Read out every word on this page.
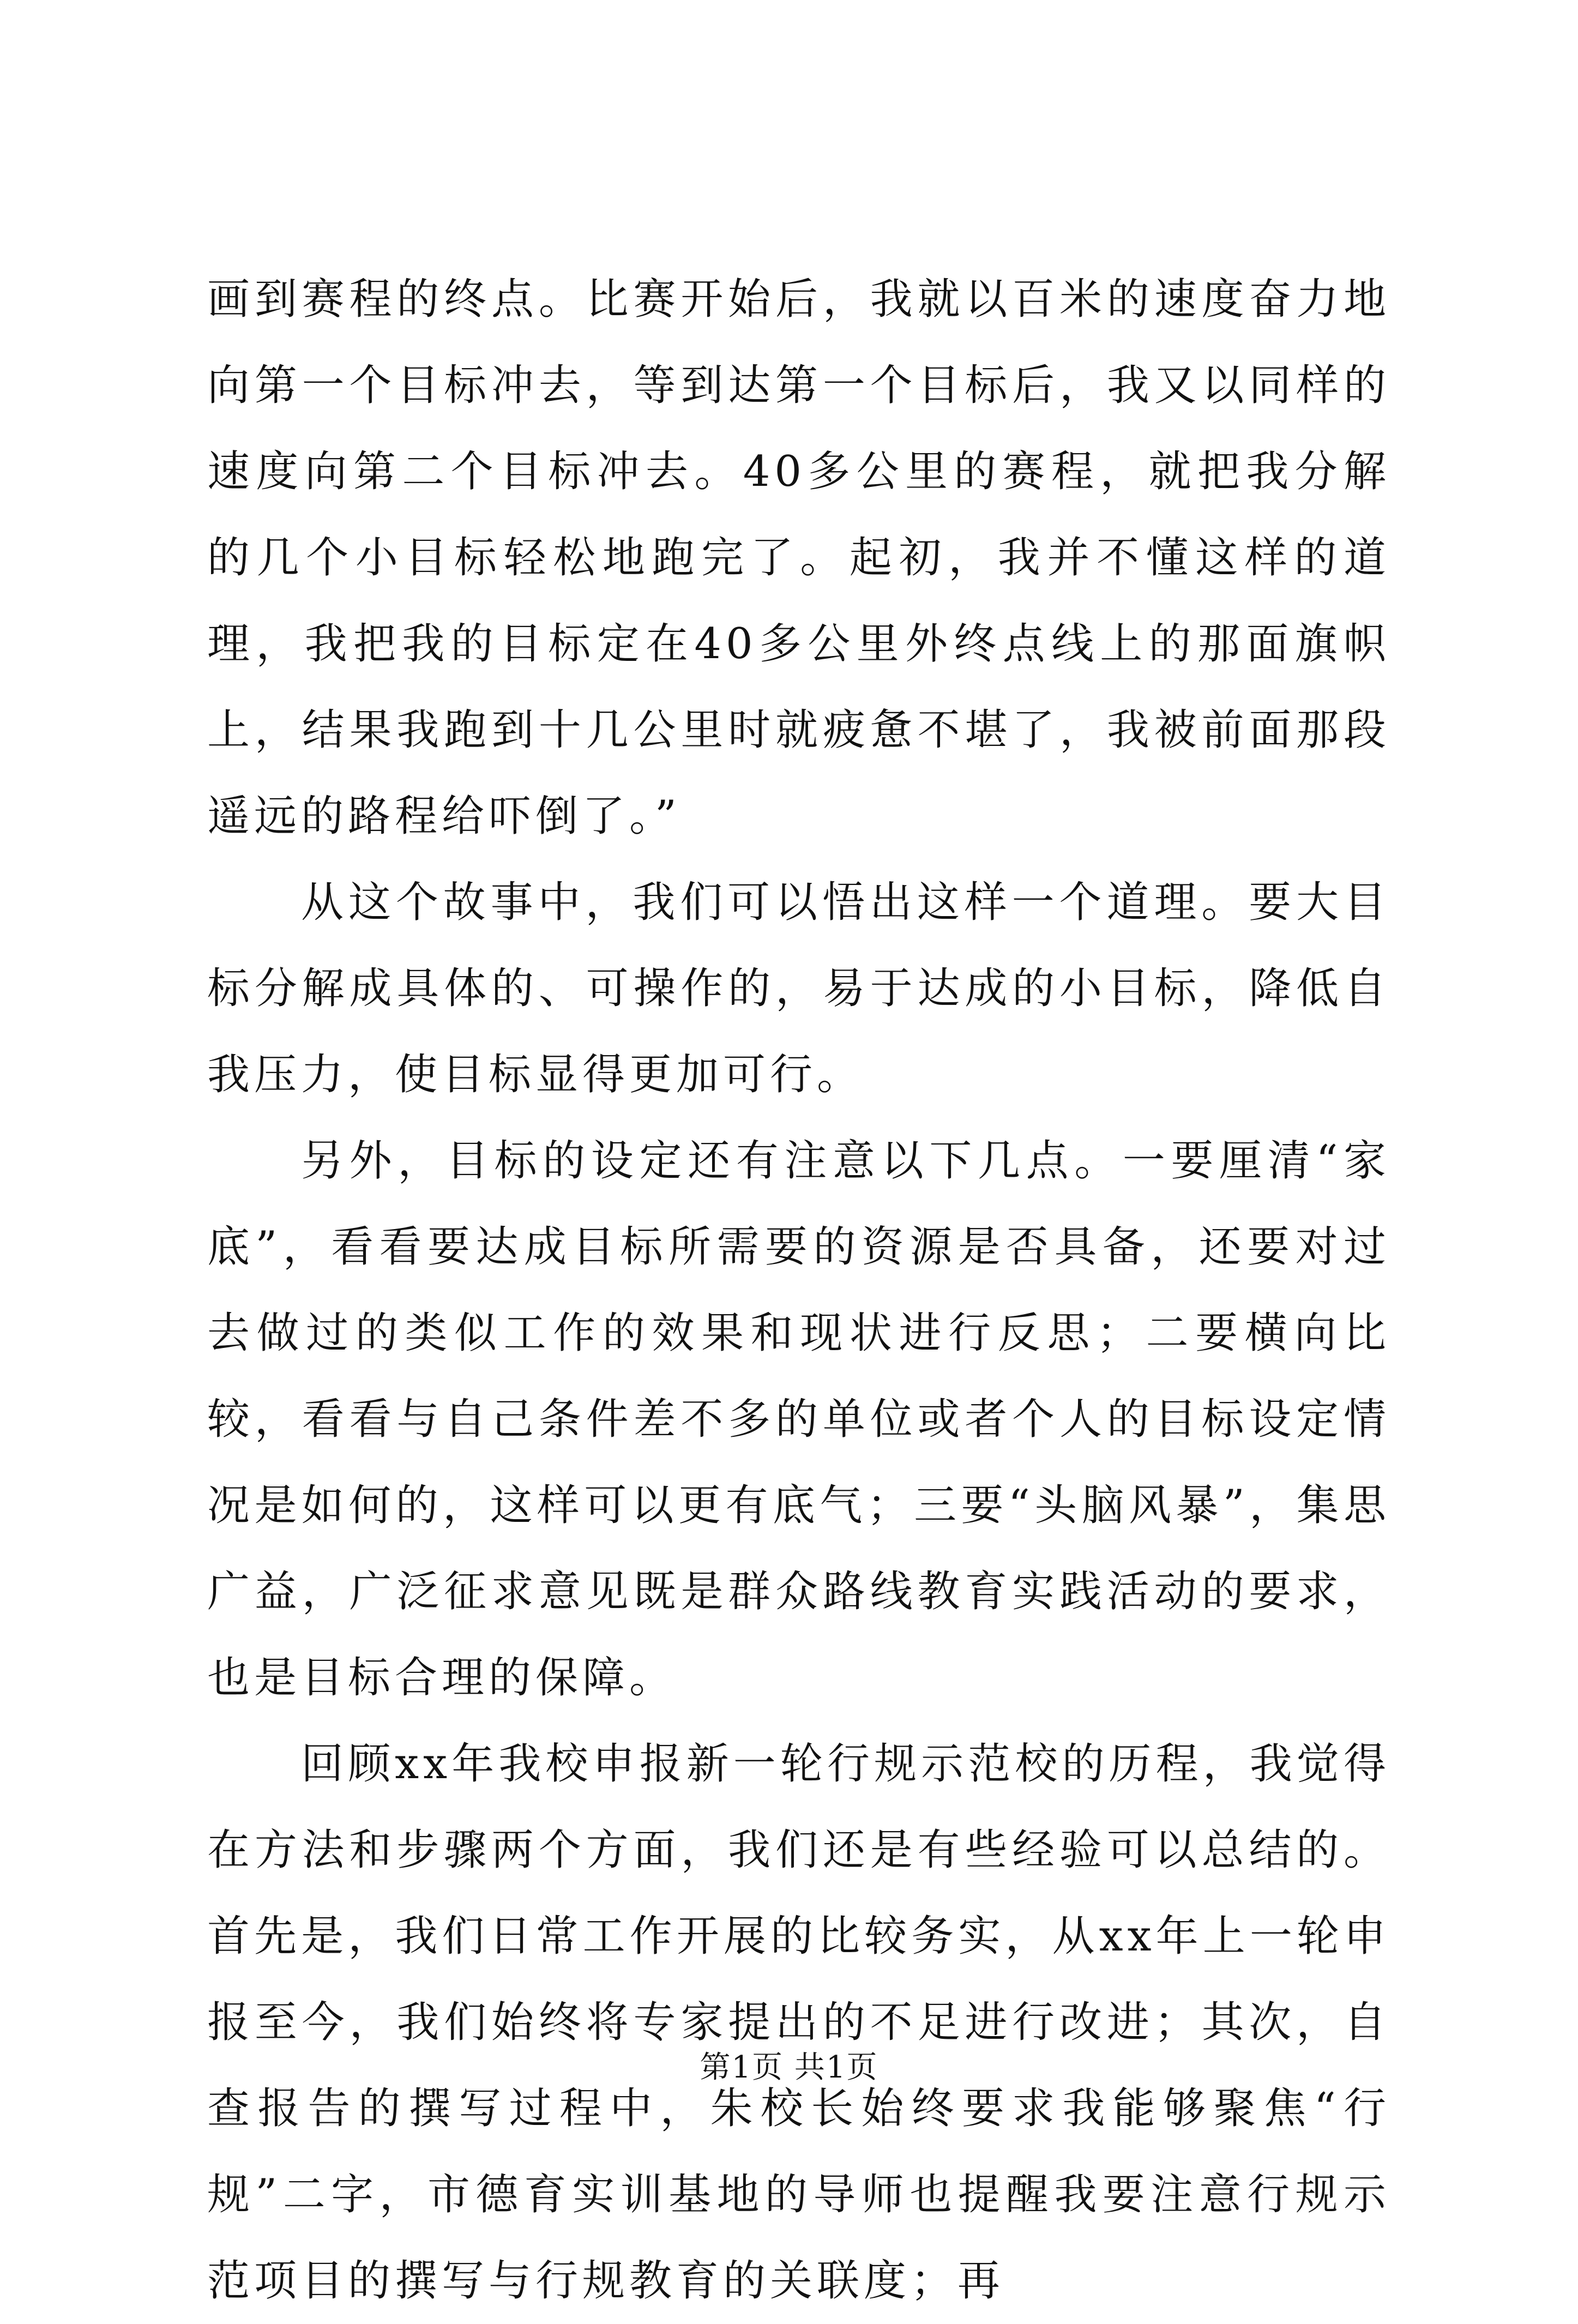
画到赛程的终点。比赛开始后，我就以百米的速度奋力地向第一个目标冲去，等到达第一个目标后，我又以同样的速度向第二个目标冲去。40多公里的赛程，就把我分解的几个小目标轻松地跑完了。起初，我并不懂这样的道理，我把我的目标定在40多公里外终点线上的那面旗帜上，结果我跑到十几公里时就疲惫不堪了，我被前面那段遥远的路程给吓倒了。”

从这个故事中，我们可以悟出这样一个道理。要大目标分解成具体的、可操作的，易于达成的小目标，降低自我压力，使目标显得更加可行。

另外，目标的设定还有注意以下几点。一要厘清“家底”，看看要达成目标所需要的资源是否具备，还要对过去做过的类似工作的效果和现状进行反思；二要横向比较，看看与自己条件差不多的单位或者个人的目标设定情况是如何的，这样可以更有底气；三要“头脑风暴”，集思广益，广泛征求意见既是群众路线教育实践活动的要求，也是目标合理的保障。

回顾xx年我校申报新一轮行规示范校的历程，我觉得在方法和步骤两个方面，我们还是有些经验可以总结的。首先是，我们日常工作开展的比较务实，从xx年上一轮申报至今，我们始终将专家提出的不足进行改进；其次，自查报告的撰写过程中，朱校长始终要求我能够聚焦“行规”二字，市德育实训基地的导师也提醒我要注意行规示范项目的撰写与行规教育的关联度；再

第1页 共1页
